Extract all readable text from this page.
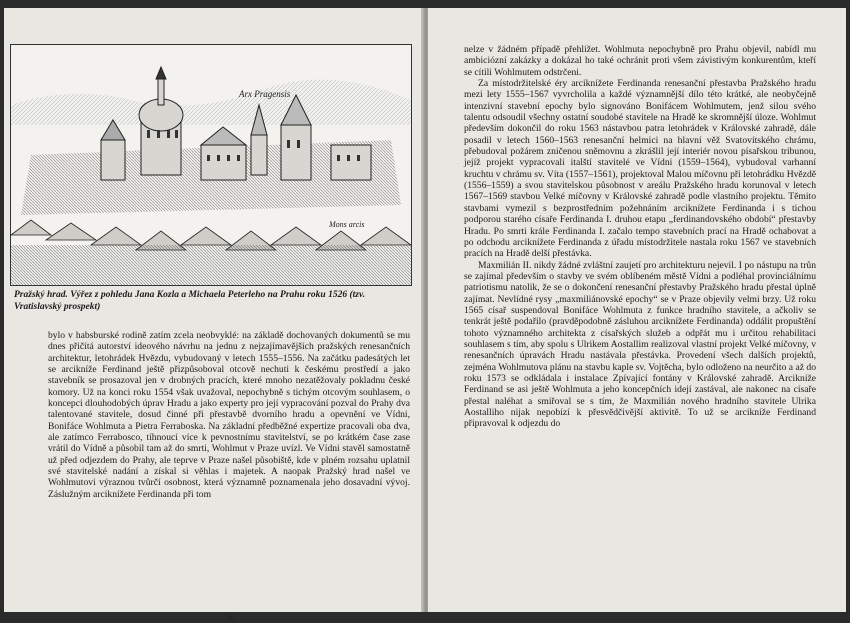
Arx Pragensis
Mons arcis
Pražský hrad. Výřez z pohledu Jana Kozla a Michaela Peterleho na Prahu roku 1526 (tzv. Vratislavský prospekt)

bylo v habsburské rodině zatím zcela neobvyklé: na základě dochovaných dokumentů se mu dnes přičítá autorství ideového návrhu na jednu z nejzajímavějších pražských renesančních architektur, letohrádek Hvězdu, vybudovaný v letech 1555–1556. Na začátku padesátých let se arcikníže Ferdinand ještě přizpůsoboval otcově nechuti k českému prostředí a jako stavebník se prosazoval jen v drobných pracích, které mnoho nezatěžovaly pokladnu české komory. Už na konci roku 1554 však uvažoval, nepochybně s tichým otcovým souhlasem, o koncepci dlouhodobých úprav Hradu a jako experty pro její vypracování pozval do Prahy dva talentované stavitele, dosud činné při přestavbě dvorního hradu a opevnění ve Vídni, Bonifáce Wohlmuta a Pietra Ferraboska. Na základní předběžné expertize pracovali oba dva, ale zatímco Ferrabosco, tíhnoucí více k pevnostnímu stavitelství, se po krátkém čase zase vrátil do Vídně a působil tam až do smrti, Wohlmut v Praze uvízl. Ve Vídni stavěl samostatně už před odjezdem do Prahy, ale teprve v Praze našel působiště, kde v plném rozsahu uplatnil své stavitelské nadání a získal si věhlas i majetek. A naopak Pražský hrad našel ve Wohlmutovi výraznou tvůrčí osobnost, která významně poznamenala jeho dosavadní vývoj. Záslužným arciknížete Ferdinanda při tom

80

nelze v žádném případě přehlížet. Wohlmuta nepochybně pro Prahu objevil, nabídl mu ambiciózní zakázky a dokázal ho také ochránit proti všem závistivým konkurentům, kteří se cítili Wohlmutem odstrčeni.

Za místodržitelské éry arciknížete Ferdinanda renesanční přestavba Pražského hradu mezi lety 1555–1567 vyvrcholila a každé významnější dílo této krátké, ale neobyčejně intenzivní stavební epochy bylo signováno Bonifácem Wohlmutem, jenž silou svého talentu odsoudil všechny ostatní soudobé stavitele na Hradě ke skromnější úloze. Wohlmut především dokončil do roku 1563 nástavbou patra letohrádek v Královské zahradě, dále posadil v letech 1560–1563 renesanční helmici na hlavní věž Svatovítského chrámu, přebudoval požárem zničenou sněmovnu a zkrášlil její interiér novou písařskou tribunou, jejíž projekt vypracovali italští stavitelé ve Vídni (1559–1564), vybudoval varhanní kruchtu v chrámu sv. Víta (1557–1561), projektoval Malou míčovnu při letohrádku Hvězdě (1556–1559) a svou stavitelskou působnost v areálu Pražského hradu korunoval v letech 1567–1569 stavbou Velké míčovny v Královské zahradě podle vlastního projektu. Těmito stavbami vymezil s bezprostředním požehnáním arciknížete Ferdinanda i s tichou podporou starého císaře Ferdinanda I. druhou etapu „ferdinandovského období“ přestavby Hradu. Po smrti krále Ferdinanda I. začalo tempo stavebních prací na Hradě ochabovat a po odchodu arciknížete Ferdinanda z úřadu místodržitele nastala roku 1567 ve stavebních pracích na Hradě delší přestávka.

Maxmilián II. nikdy žádné zvláštní zaujetí pro architekturu nejevil. I po nástupu na trůn se zajímal především o stavby ve svém oblíbeném městě Vídni a podléhal provinciálnímu patriotismu natolik, že se o dokončení renesanční přestavby Pražského hradu přestal úplně zajímat. Nevlídné rysy „maxmiliánovské epochy“ se v Praze objevily velmi brzy. Už roku 1565 císař suspendoval Bonifáce Wohlmuta z funkce hradního stavitele, a ačkoliv se tenkrát ještě podařilo (pravděpodobně zásluhou arciknížete Ferdinanda) oddálit propuštění tohoto významného architekta z císařských služeb a odpřát mu i určitou rehabilitaci souhlasem s tím, aby spolu s Ulrikem Aostallim realizoval vlastní projekt Velké míčovny, v renesančních úpravách Hradu nastávala přestávka. Provedení všech dalších projektů, zejména Wohlmutova plánu na stavbu kaple sv. Vojtěcha, bylo odloženo na neurčito a až do roku 1573 se odkládala i instalace Zpívající fontány v Královské zahradě. Arcikníže Ferdinand se asi ještě Wohlmuta a jeho koncepčních idejí zastával, ale nakonec na císaře přestal naléhat a smiřoval se s tím, že Maxmilián nového hradního stavitele Ulrika Aostalliho nijak nepobízí k přesvědčivější aktivitě. To už se arcikníže Ferdinand připravoval k odjezdu do
